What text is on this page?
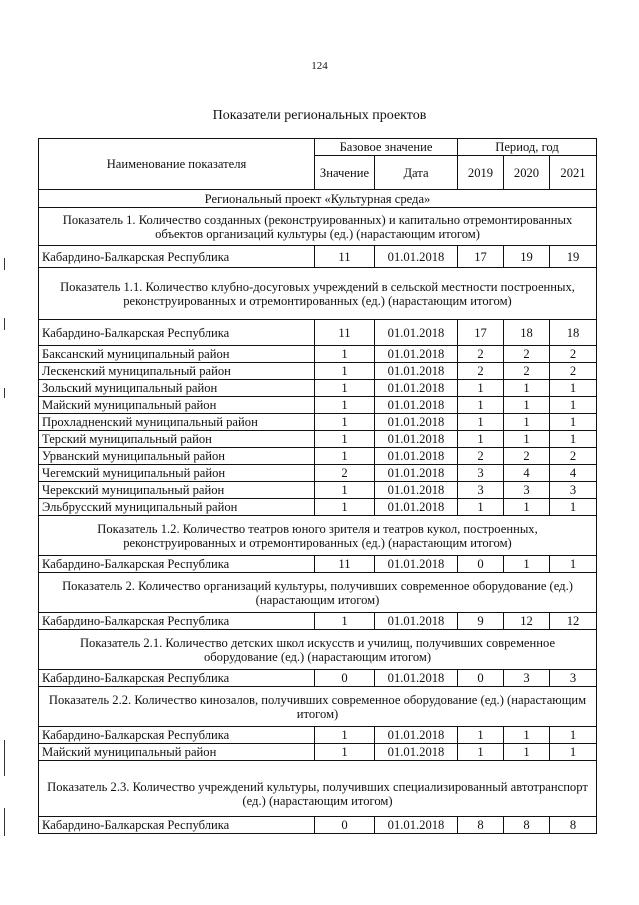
124
Показатели региональных проектов
Наименование показателя	Базовое значение		Период, год		
	Значение	Дата	2019	2020	2021
Региональный проект «Культурная среда»					
Показатель 1. Количество созданных (реконструированных) и капитально отремонтированных объектов организаций культуры (ед.) (нарастающим итогом)					
Кабардино-Балкарская Республика	11	01.01.2018	17	19	19
Показатель 1.1. Количество клубно-досуговых учреждений в сельской местности построенных, реконструированных и отремонтированных (ед.) (нарастающим итогом)					
Кабардино-Балкарская Республика	11	01.01.2018	17	18	18
Баксанский муниципальный район	1	01.01.2018	2	2	2
Лескенский муниципальный район	1	01.01.2018	2	2	2
Зольский муниципальный район	1	01.01.2018	1	1	1
Майский муниципальный район	1	01.01.2018	1	1	1
Прохладненский муниципальный район	1	01.01.2018	1	1	1
Терский муниципальный район	1	01.01.2018	1	1	1
Урванский муниципальный район	1	01.01.2018	2	2	2
Чегемский муниципальный район	2	01.01.2018	3	4	4
Черекский муниципальный район	1	01.01.2018	3	3	3
Эльбрусский муниципальный район	1	01.01.2018	1	1	1
Показатель 1.2. Количество театров юного зрителя и театров кукол, построенных, реконструированных и отремонтированных (ед.) (нарастающим итогом)					
Кабардино-Балкарская Республика	11	01.01.2018	0	1	1
Показатель 2. Количество организаций культуры, получивших современное оборудование (ед.) (нарастающим итогом)					
Кабардино-Балкарская Республика	1	01.01.2018	9	12	12
Показатель 2.1. Количество детских школ искусств и училищ, получивших современное оборудование (ед.) (нарастающим итогом)					
Кабардино-Балкарская Республика	0	01.01.2018	0	3	3
Показатель 2.2. Количество кинозалов, получивших современное оборудование (ед.) (нарастающим итогом)					
Кабардино-Балкарская Республика	1	01.01.2018	1	1	1
Майский муниципальный район	1	01.01.2018	1	1	1
Показатель 2.3. Количество учреждений культуры, получивших специализированный автотранспорт (ед.) (нарастающим итогом)					
Кабардино-Балкарская Республика	0	01.01.2018	8	8	8
